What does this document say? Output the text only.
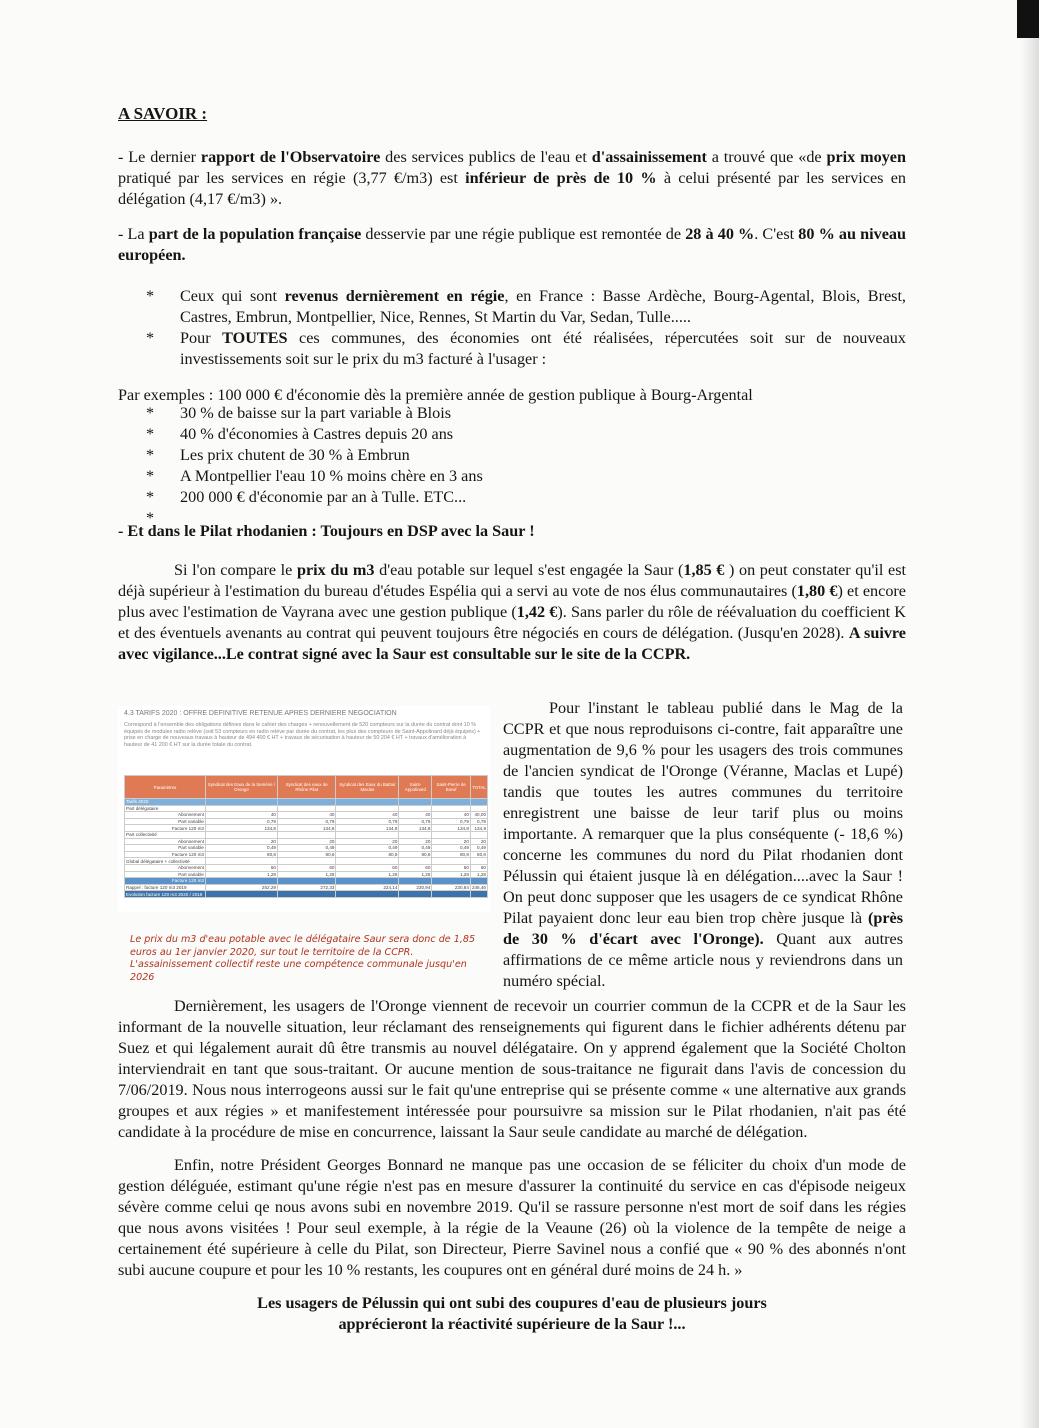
A SAVOIR :

- Le dernier rapport de l'Observatoire des services publics de l'eau et d'assainissement a trouvé que «de prix moyen pratiqué par les services en régie (3,77 €/m3) est inférieur de près de 10 % à celui présenté par les services en délégation (4,17 €/m3) ».

- La part de la population française desservie par une régie publique est remontée de 28 à 40 %. C'est 80 % au niveau européen.

*	Ceux qui sont revenus dernièrement en régie, en France : Basse Ardèche, Bourg-Agental, Blois, Brest, Castres, Embrun, Montpellier, Nice, Rennes, St Martin du Var, Sedan, Tulle.....
*	Pour TOUTES ces communes, des économies ont été réalisées, répercutées soit sur de nouveaux investissements soit sur le prix du m3 facturé à l'usager :

Par exemples : 100 000 € d'économie dès la première année de gestion publique à Bourg-Argental

*	30 % de baisse sur la part variable à Blois
*	40 % d'économies à Castres depuis 20 ans
*	Les prix chutent de 30 % à Embrun
*	A Montpellier l'eau 10 % moins chère en 3 ans
*	200 000 € d'économie par an à Tulle. ETC...
*

- Et dans le Pilat rhodanien : Toujours en DSP avec la Saur !

Si l'on compare le prix du m3 d'eau potable sur lequel s'est engagée la Saur (1,85 € ) on peut constater qu'il est déjà supérieur à l'estimation du bureau d'études Espélia qui a servi au vote de nos élus communautaires (1,80 €) et encore plus avec l'estimation de Vayrana avec une gestion publique (1,42 €). Sans parler du rôle de réévaluation du coefficient K et des éventuels avenants au contrat qui peuvent toujours être négociés en cours de délégation. (Jusqu'en 2028). A suivre avec vigilance...Le contrat signé avec la Saur est consultable sur le site de la CCPR.

4.3 TARIFS 2020 : OFFRE DEFINITIVE RETENUE APRES DERNIERE NEGOCIATION
Correspond à l'ensemble des obligations définies dans le cahier des charges + renouvellement de 520 compteurs sur la durée du contrat dont 10 % équipés de modules radio relève (soit 53 compteurs en radio relève par durée du contrat, les plus des compteurs de Saint-Appolinard déjà équipés) + prise en charge de nouveaux travaux à hauteur de 494 400 € HT + travaux de sécurisation à hauteur de 50 204 € HT + travaux d'amélioration à hauteur de 41 200 € HT sur la durée totale du contrat.
Paramètres	Syndicat des Eaux de la Semène / Oronge	Syndicat des eaux de Rhône Pilat	Syndicat des Eaux du Battoir Maclas	Saint-Appolinard	Saint-Pierre de Bœuf	TOTAL
Tarifs 2020						
Part délégataire						
Abonnement	40	40	40	40	40	40,00
Part variable	0,79	0,79	0,79	0,79	0,79	0,79
Facture 120 m3	134,8	134,8	134,8	134,8	134,8	134,8
Part collectivité						
Abonnement	20	20	20	20	20	20
Part variable	0,49	0,49	0,49	0,49	0,49	0,49
Facture 120 m3	80,8	80,8	80,8	80,8	80,8	80,8
Global délégataire + collectivité						
Abonnement	60	60	60	60	60	60
Part variable	1,28	1,28	1,28	1,28	1,28	1,28
Facture 120 m3						
Rappel : facture 120 m3 2019	252,29	272,33	224,14	230,94	230,84	246,46
Evolution facture 120 m3 2020 / 2019						

Le prix du m3 d'eau potable avec le délégataire Saur sera donc de 1,85 euros au 1er janvier 2020, sur tout le territoire de la CCPR. L'assainissement collectif reste une compétence communale jusqu'en 2026

Pour l'instant le tableau publié dans le Mag de la CCPR et que nous reproduisons ci-contre, fait apparaître une augmentation de 9,6 % pour les usagers des trois communes de l'ancien syndicat de l'Oronge (Véranne, Maclas et Lupé) tandis que toutes les autres communes du territoire enregistrent une baisse de leur tarif plus ou moins importante. A remarquer que la plus conséquente (- 18,6 %) concerne les communes du nord du Pilat rhodanien dont Pélussin qui étaient jusque là en délégation....avec la Saur ! On peut donc supposer que les usagers de ce syndicat Rhône Pilat payaient donc leur eau bien trop chère jusque là (près de 30 % d'écart avec l'Oronge). Quant aux autres affirmations de ce même article nous y reviendrons dans un numéro spécial.

Dernièrement, les usagers de l'Oronge viennent de recevoir un courrier commun de la CCPR et de la Saur les informant de la nouvelle situation, leur réclamant des renseignements qui figurent dans le fichier adhérents détenu par Suez et qui légalement aurait dû être transmis au nouvel délégataire. On y apprend également que la Société Cholton interviendrait en tant que sous-traitant. Or aucune mention de sous-traitance ne figurait dans l'avis de concession du 7/06/2019. Nous nous interrogeons aussi sur le fait qu'une entreprise qui se présente comme « une alternative aux grands groupes et aux régies » et manifestement intéressée pour poursuivre sa mission sur le Pilat rhodanien, n'ait pas été candidate à la procédure de mise en concurrence, laissant la Saur seule candidate au marché de délégation.

Enfin, notre Président Georges Bonnard ne manque pas une occasion de se féliciter du choix d'un mode de gestion déléguée, estimant qu'une régie n'est pas en mesure d'assurer la continuité du service en cas d'épisode neigeux sévère comme celui qe nous avons subi en novembre 2019. Qu'il se rassure personne n'est mort de soif dans les régies que nous avons visitées ! Pour seul exemple, à la régie de la Veaune (26) où la violence de la tempête de neige a certainement été supérieure à celle du Pilat, son Directeur, Pierre Savinel nous a confié que « 90 % des abonnés n'ont subi aucune coupure et pour les 10 % restants, les coupures ont en général duré moins de 24 h. »

Les usagers de Pélussin qui ont subi des coupures d'eau de plusieurs jours

apprécieront la réactivité supérieure de la Saur !...
